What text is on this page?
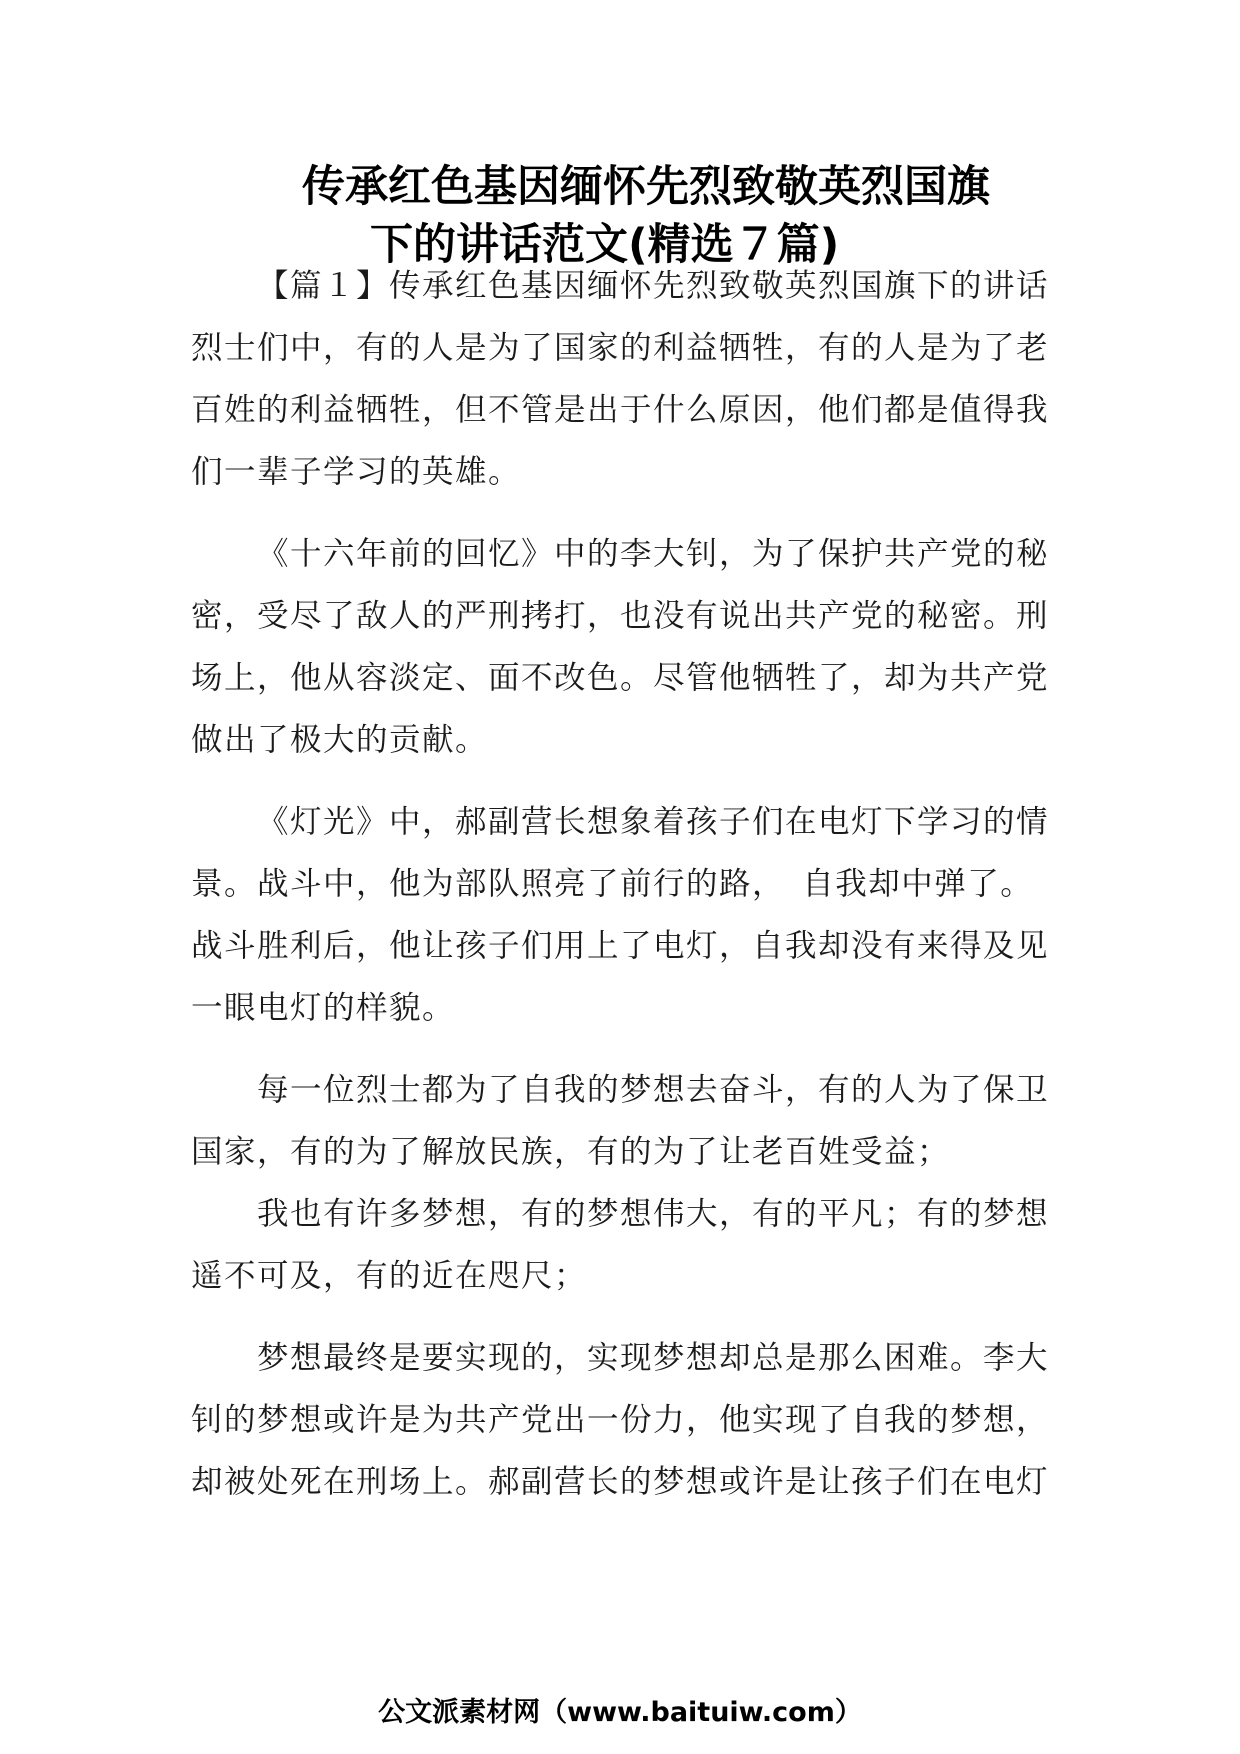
传承红色基因缅怀先烈致敬英烈国旗
下的讲话范文(精选７篇)

【篇１】传承红色基因缅怀先烈致敬英烈国旗下的讲话烈士们中，有的人是为了国家的利益牺牲，有的人是为了老百姓的利益牺牲，但不管是出于什么原因，他们都是值得我们一辈子学习的英雄。

《十六年前的回忆》中的李大钊，为了保护共产党的秘密，受尽了敌人的严刑拷打，也没有说出共产党的秘密。刑场上，他从容淡定、面不改色。尽管他牺牲了，却为共产党做出了极大的贡献。

《灯光》中，郝副营长想象着孩子们在电灯下学习的情景。战斗中，他为部队照亮了前行的路，　自我却中弹了。战斗胜利后，他让孩子们用上了电灯，自我却没有来得及见一眼电灯的样貌。

每一位烈士都为了自我的梦想去奋斗，有的人为了保卫国家，有的为了解放民族，有的为了让老百姓受益；

我也有许多梦想，有的梦想伟大，有的平凡；有的梦想遥不可及，有的近在咫尺；

梦想最终是要实现的，实现梦想却总是那么困难。李大钊的梦想或许是为共产党出一份力，他实现了自我的梦想，却被处死在刑场上。郝副营长的梦想或许是让孩子们在电灯

公文派素材网（www.baituiw.com）
